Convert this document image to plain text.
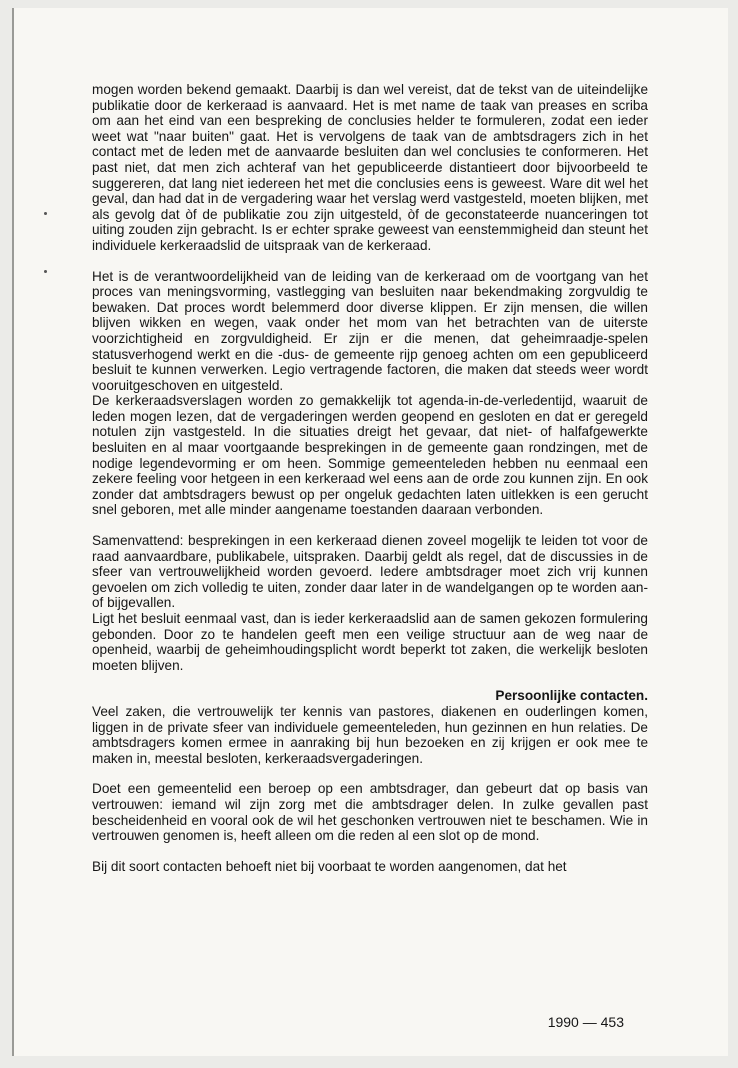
mogen worden bekend gemaakt. Daarbij is dan wel vereist, dat de tekst van de uiteindelijke publikatie door de kerkeraad is aanvaard. Het is met name de taak van preases en scriba om aan het eind van een bespreking de conclusies helder te formuleren, zodat een ieder weet wat "naar buiten" gaat. Het is vervolgens de taak van de ambtsdragers zich in het contact met de leden met de aanvaarde besluiten dan wel conclusies te conformeren. Het past niet, dat men zich achteraf van het gepubliceerde distantieert door bijvoorbeeld te suggereren, dat lang niet iedereen het met die conclusies eens is geweest. Ware dit wel het geval, dan had dat in de vergadering waar het verslag werd vastgesteld, moeten blijken, met als gevolg dat òf de publikatie zou zijn uitgesteld, òf de geconstateerde nuanceringen tot uiting zouden zijn gebracht. Is er echter sprake geweest van eenstemmigheid dan steunt het individuele kerkeraadslid de uitspraak van de kerkeraad.

Het is de verantwoordelijkheid van de leiding van de kerkeraad om de voortgang van het proces van meningsvorming, vastlegging van besluiten naar bekendmaking zorgvuldig te bewaken. Dat proces wordt belemmerd door diverse klippen. Er zijn mensen, die willen blijven wikken en wegen, vaak onder het mom van het betrachten van de uiterste voorzichtigheid en zorgvuldigheid. Er zijn er die menen, dat geheimraadje-spelen statusverhogend werkt en die -dus- de gemeente rijp genoeg achten om een gepubliceerd besluit te kunnen verwerken. Legio vertragende factoren, die maken dat steeds weer wordt vooruitgeschoven en uitgesteld.

De kerkeraadsverslagen worden zo gemakkelijk tot agenda-in-de-verledentijd, waaruit de leden mogen lezen, dat de vergaderingen werden geopend en gesloten en dat er geregeld notulen zijn vastgesteld. In die situaties dreigt het gevaar, dat niet- of halfafgewerkte besluiten en al maar voortgaande besprekingen in de gemeente gaan rondzingen, met de nodige legendevorming er om heen. Sommige gemeenteleden hebben nu eenmaal een zekere feeling voor hetgeen in een kerkeraad wel eens aan de orde zou kunnen zijn. En ook zonder dat ambtsdragers bewust op per ongeluk gedachten laten uitlekken is een gerucht snel geboren, met alle minder aangename toestanden daaraan verbonden.

Samenvattend: besprekingen in een kerkeraad dienen zoveel mogelijk te leiden tot voor de raad aanvaardbare, publikabele, uitspraken. Daarbij geldt als regel, dat de discussies in de sfeer van vertrouwelijkheid worden gevoerd. Iedere ambtsdrager moet zich vrij kunnen gevoelen om zich volledig te uiten, zonder daar later in de wandelgangen op te worden aan- of bijgevallen.

Ligt het besluit eenmaal vast, dan is ieder kerkeraadslid aan de samen gekozen formulering gebonden. Door zo te handelen geeft men een veilige structuur aan de weg naar de openheid, waarbij de geheimhoudingsplicht wordt beperkt tot zaken, die werkelijk besloten moeten blijven.

Persoonlijke contacten.

Veel zaken, die vertrouwelijk ter kennis van pastores, diakenen en ouderlingen komen, liggen in de private sfeer van individuele gemeenteleden, hun gezinnen en hun relaties. De ambtsdragers komen ermee in aanraking bij hun bezoeken en zij krijgen er ook mee te maken in, meestal besloten, kerkeraadsvergaderingen.

Doet een gemeentelid een beroep op een ambtsdrager, dan gebeurt dat op basis van vertrouwen: iemand wil zijn zorg met die ambtsdrager delen. In zulke gevallen past bescheidenheid en vooral ook de wil het geschonken vertrouwen niet te beschamen. Wie in vertrouwen genomen is, heeft alleen om die reden al een slot op de mond.

Bij dit soort contacten behoeft niet bij voorbaat te worden aangenomen, dat het

1990 — 453
